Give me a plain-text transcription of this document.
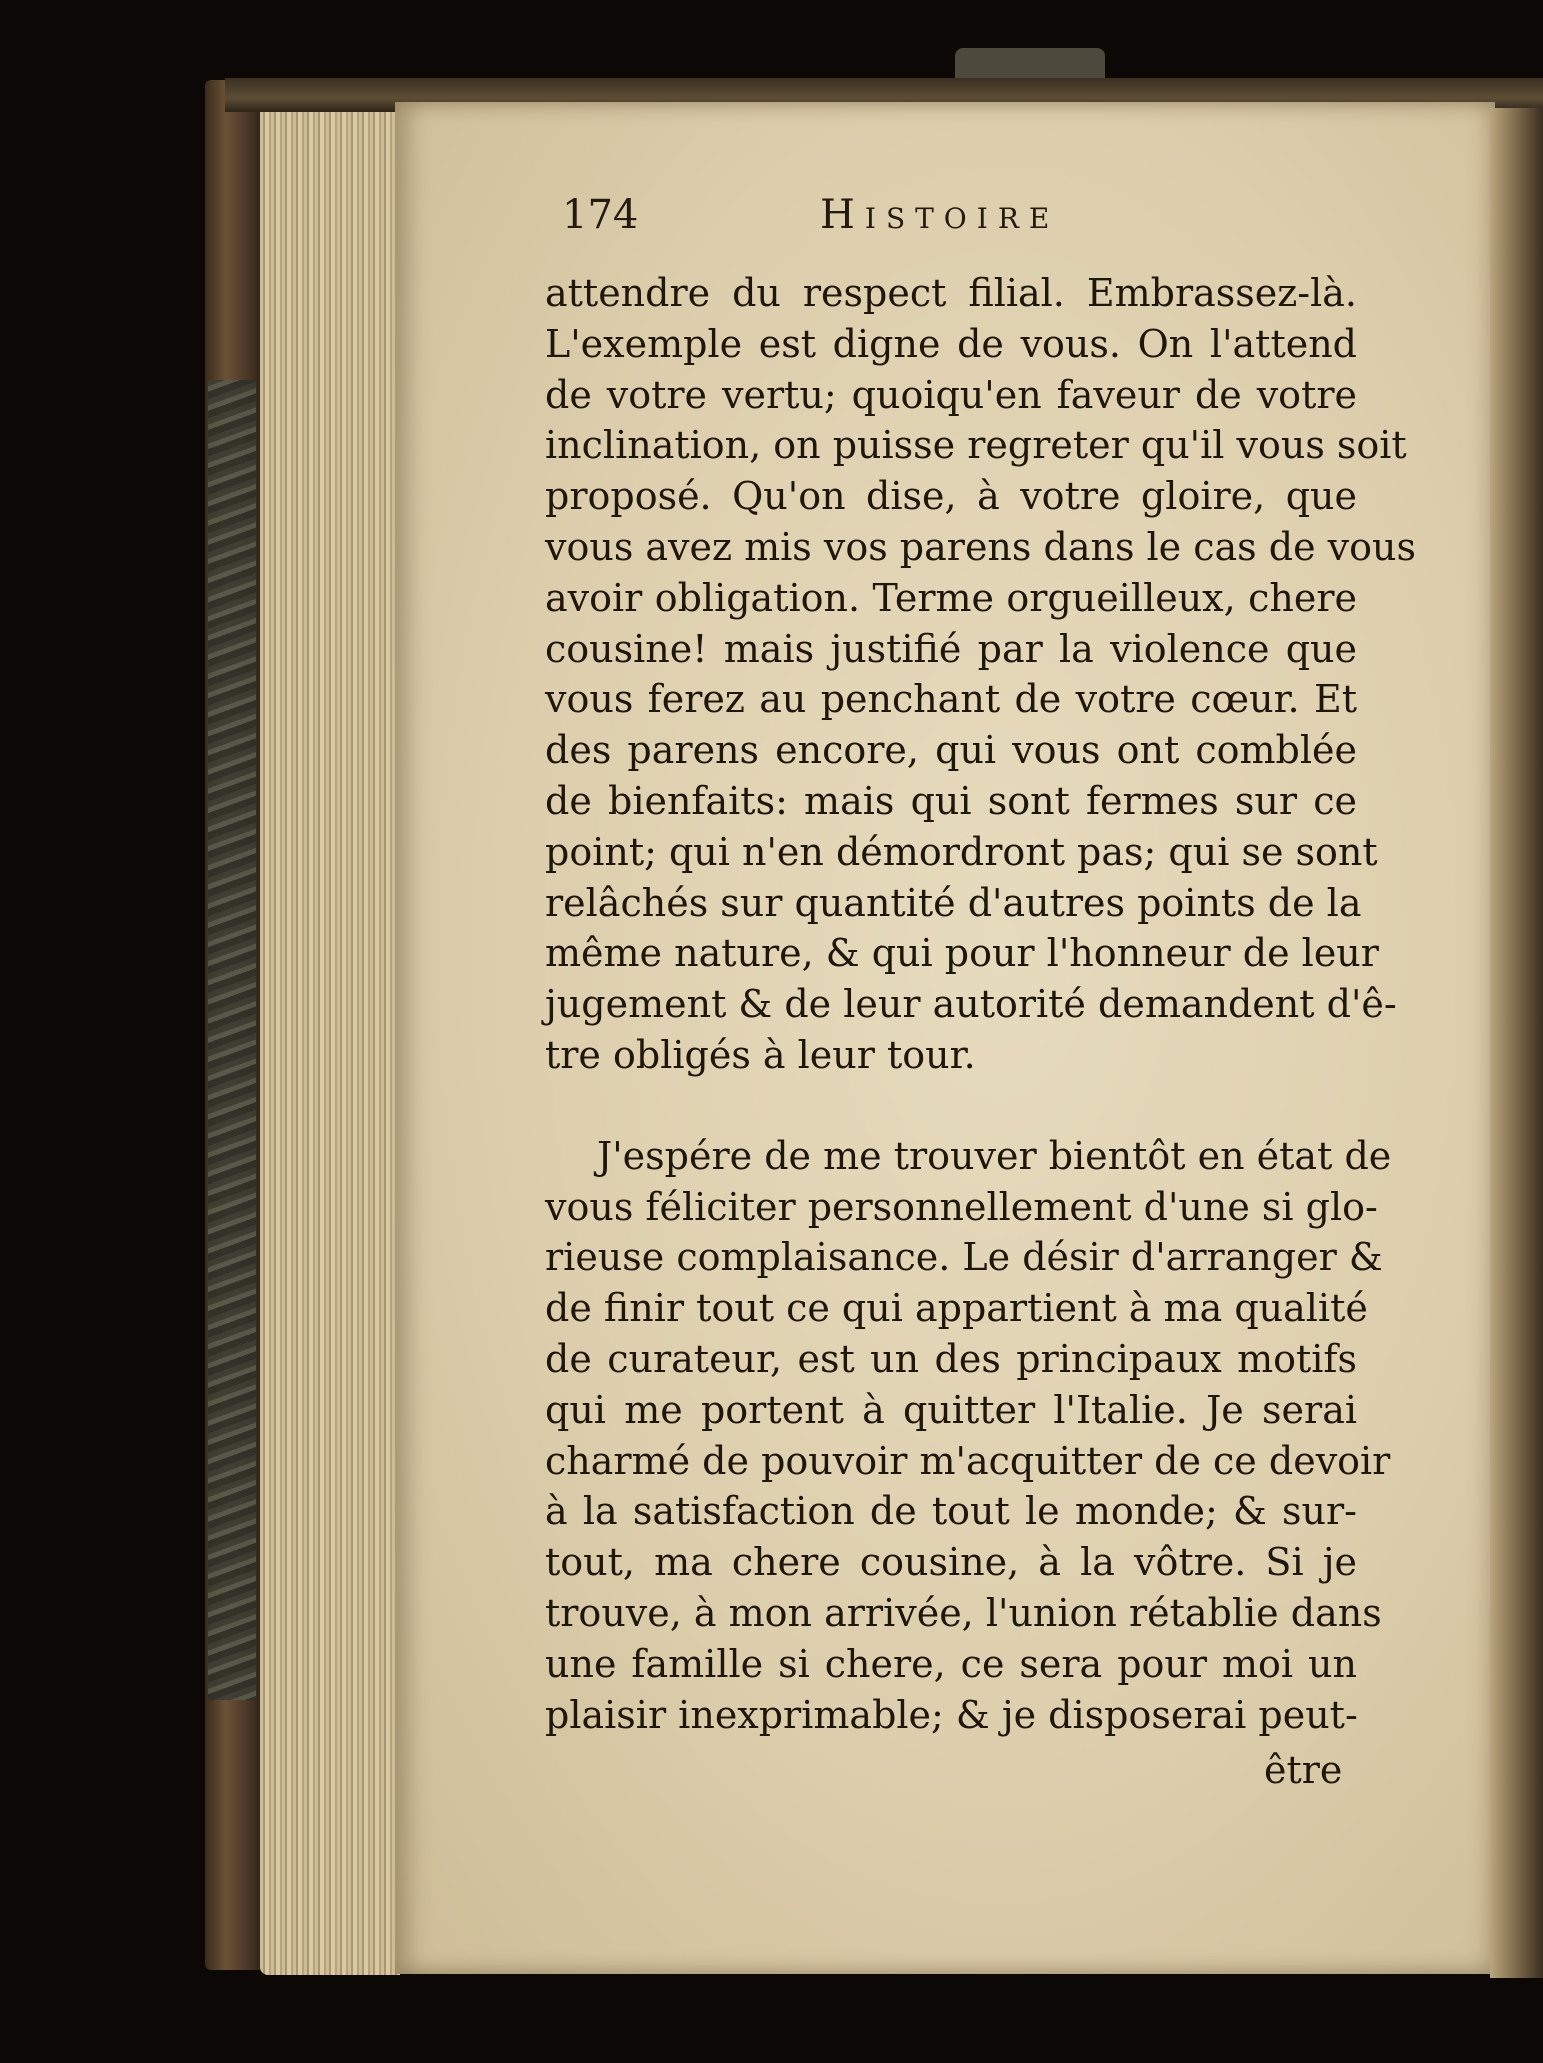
174	Histoire
attendre du respect filial. Embrassez-là.
L'exemple est digne de vous. On l'attend
de votre vertu; quoiqu'en faveur de votre
inclination, on puisse regreter qu'il vous soit
proposé. Qu'on dise, à votre gloire, que
vous avez mis vos parens dans le cas de vous
avoir obligation. Terme orgueilleux, chere
cousine! mais justifié par la violence que
vous ferez au penchant de votre cœur. Et
des parens encore, qui vous ont comblée
de bienfaits: mais qui sont fermes sur ce
point; qui n'en démordront pas; qui se sont
relâchés sur quantité d'autres points de la
même nature, & qui pour l'honneur de leur
jugement & de leur autorité demandent d'ê-
tre obligés à leur tour.
J'espére de me trouver bientôt en état de
vous féliciter personnellement d'une si glo-
rieuse complaisance. Le désir d'arranger &
de finir tout ce qui appartient à ma qualité
de curateur, est un des principaux motifs
qui me portent à quitter l'Italie. Je serai
charmé de pouvoir m'acquitter de ce devoir
à la satisfaction de tout le monde; & sur-
tout, ma chere cousine, à la vôtre. Si je
trouve, à mon arrivée, l'union rétablie dans
une famille si chere, ce sera pour moi un
plaisir inexprimable; & je disposerai peut-
être
